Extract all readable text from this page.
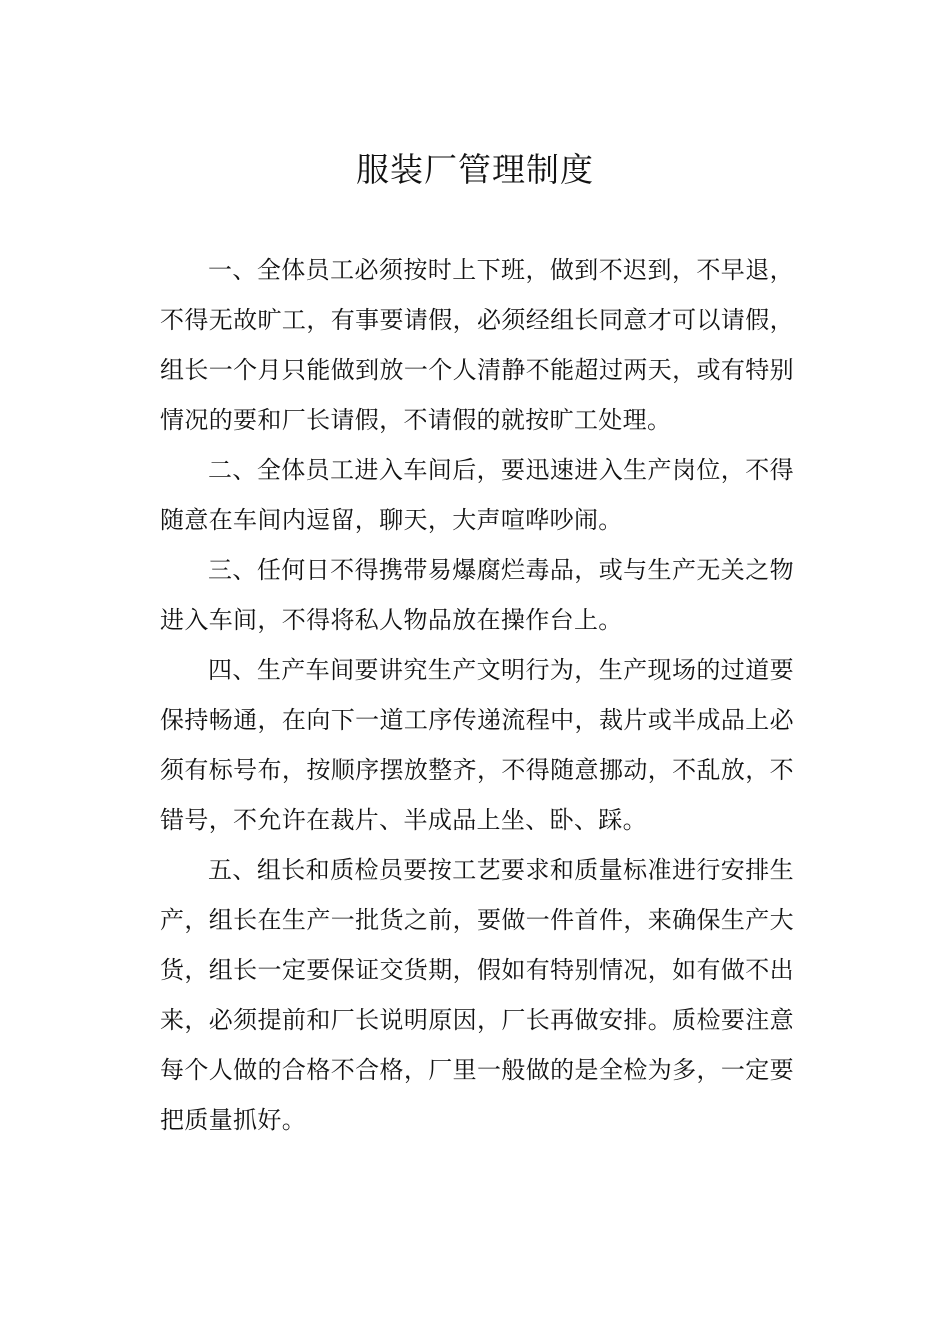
服装厂管理制度

一、全体员工必须按时上下班，做到不迟到，不早退，不得无故旷工，有事要请假，必须经组长同意才可以请假，组长一个月只能做到放一个人清静不能超过两天，或有特别情况的要和厂长请假，不请假的就按旷工处理。

二、全体员工进入车间后，要迅速进入生产岗位，不得随意在车间内逗留，聊天，大声喧哗吵闹。

三、任何日不得携带易爆腐烂毒品，或与生产无关之物进入车间，不得将私人物品放在操作台上。

四、生产车间要讲究生产文明行为，生产现场的过道要保持畅通，在向下一道工序传递流程中，裁片或半成品上必须有标号布，按顺序摆放整齐，不得随意挪动，不乱放，不错号，不允许在裁片、半成品上坐、卧、踩。

五、组长和质检员要按工艺要求和质量标准进行安排生产，组长在生产一批货之前，要做一件首件，来确保生产大货，组长一定要保证交货期，假如有特别情况，如有做不出来，必须提前和厂长说明原因，厂长再做安排。质检要注意每个人做的合格不合格，厂里一般做的是全检为多，一定要把质量抓好。
